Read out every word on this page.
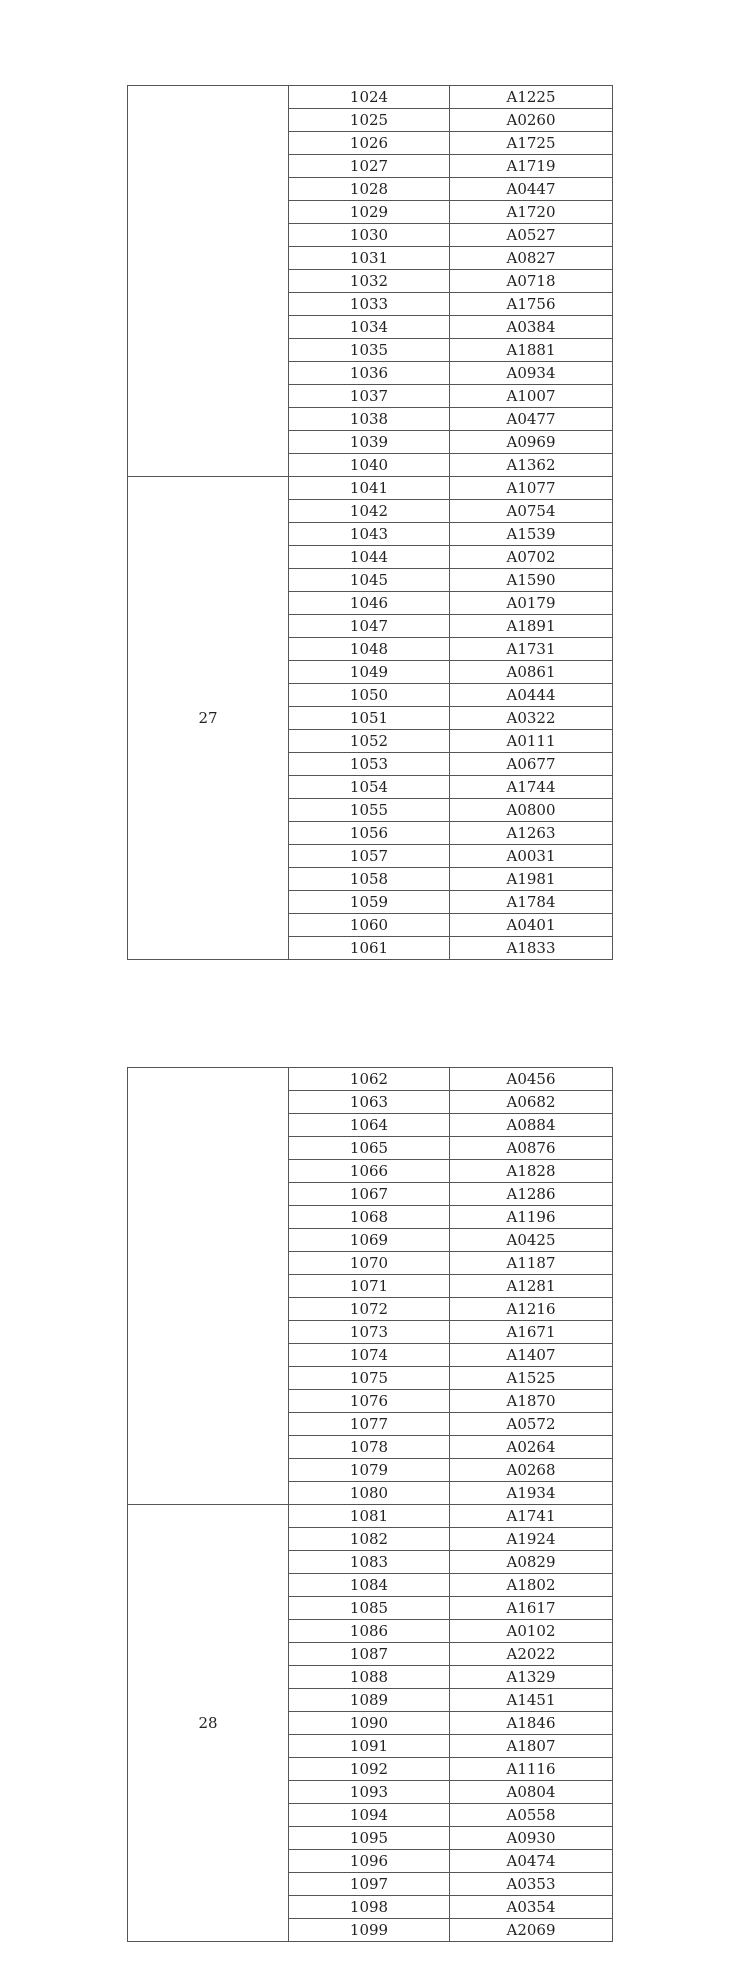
	1024	A1225
	1025	A0260
	1026	A1725
	1027	A1719
	1028	A0447
	1029	A1720
	1030	A0527
	1031	A0827
	1032	A0718
	1033	A1756
	1034	A0384
	1035	A1881
	1036	A0934
	1037	A1007
	1038	A0477
	1039	A0969
	1040	A1362
27	1041	A1077
	1042	A0754
	1043	A1539
	1044	A0702
	1045	A1590
	1046	A0179
	1047	A1891
	1048	A1731
	1049	A0861
	1050	A0444
	1051	A0322
	1052	A0111
	1053	A0677
	1054	A1744
	1055	A0800
	1056	A1263
	1057	A0031
	1058	A1981
	1059	A1784
	1060	A0401
	1061	A1833
	1062	A0456
	1063	A0682
	1064	A0884
	1065	A0876
	1066	A1828
	1067	A1286
	1068	A1196
	1069	A0425
	1070	A1187
	1071	A1281
	1072	A1216
	1073	A1671
	1074	A1407
	1075	A1525
	1076	A1870
	1077	A0572
	1078	A0264
	1079	A0268
	1080	A1934
28	1081	A1741
	1082	A1924
	1083	A0829
	1084	A1802
	1085	A1617
	1086	A0102
	1087	A2022
	1088	A1329
	1089	A1451
	1090	A1846
	1091	A1807
	1092	A1116
	1093	A0804
	1094	A0558
	1095	A0930
	1096	A0474
	1097	A0353
	1098	A0354
	1099	A2069
